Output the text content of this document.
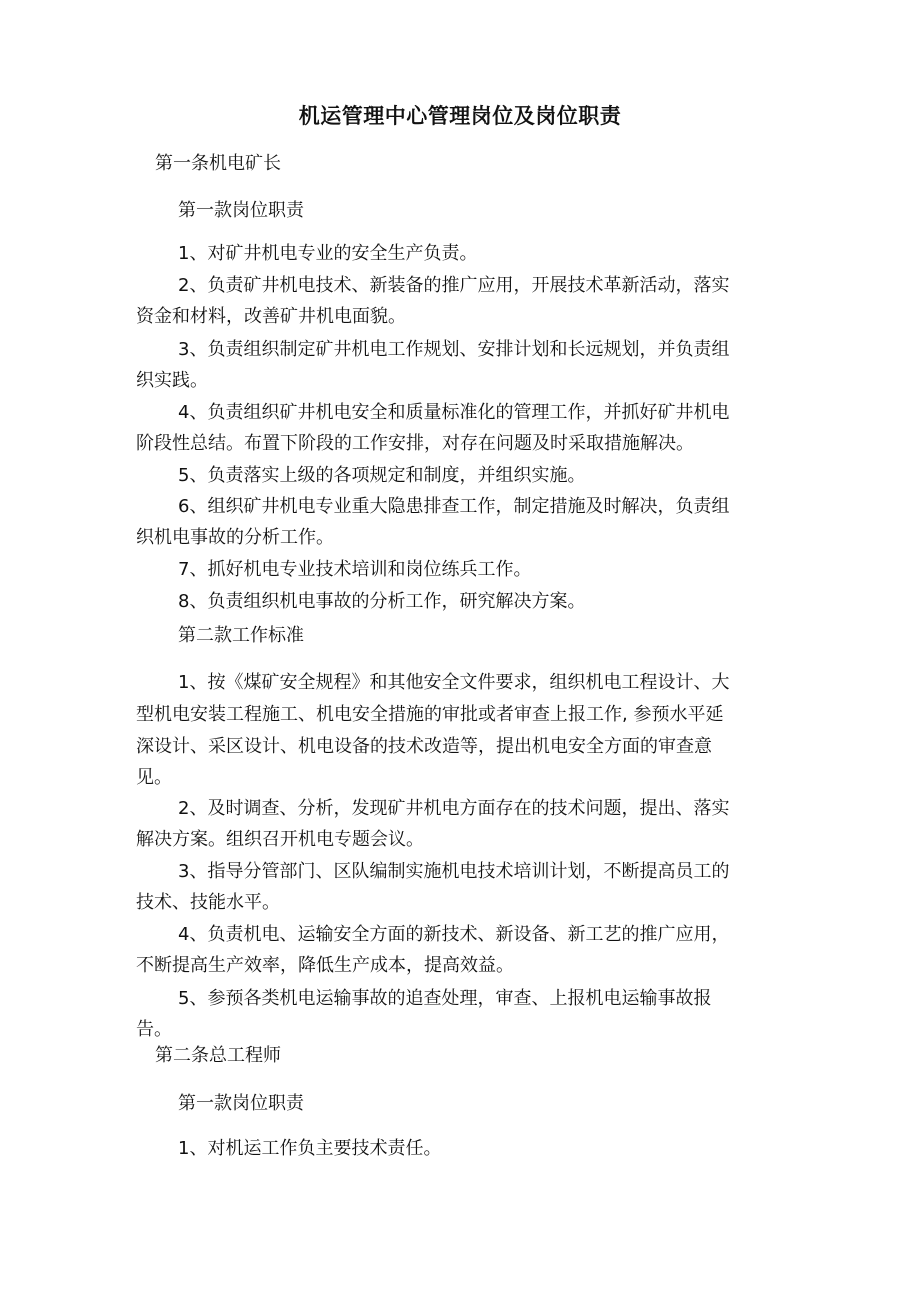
机运管理中心管理岗位及岗位职责
第一条机电矿长
第一款岗位职责
1、对矿井机电专业的安全生产负责。
2、负责矿井机电技术、新装备的推广应用，开展技术革新活动，落实
资金和材料，改善矿井机电面貌。
3、负责组织制定矿井机电工作规划、安排计划和长远规划，并负责组
织实践。
4、负责组织矿井机电安全和质量标准化的管理工作，并抓好矿井机电
阶段性总结。布置下阶段的工作安排，对存在问题及时采取措施解决。
5、负责落实上级的各项规定和制度，并组织实施。
6、组织矿井机电专业重大隐患排查工作，制定措施及时解决，负责组
织机电事故的分析工作。
7、抓好机电专业技术培训和岗位练兵工作。
8、负责组织机电事故的分析工作，研究解决方案。
第二款工作标准
1、按《煤矿安全规程》和其他安全文件要求，组织机电工程设计、大
型机电安装工程施工、机电安全措施的审批或者审查上报工作, 参预水平延
深设计、采区设计、机电设备的技术改造等，提出机电安全方面的审查意
见。
2、及时调查、分析，发现矿井机电方面存在的技术问题，提出、落实
解决方案。组织召开机电专题会议。
3、指导分管部门、区队编制实施机电技术培训计划，不断提高员工的
技术、技能水平。
4、负责机电、运输安全方面的新技术、新设备、新工艺的推广应用，
不断提高生产效率，降低生产成本，提高效益。
5、参预各类机电运输事故的追查处理，审查、上报机电运输事故报
告。
第二条总工程师
第一款岗位职责
1、对机运工作负主要技术责任。
